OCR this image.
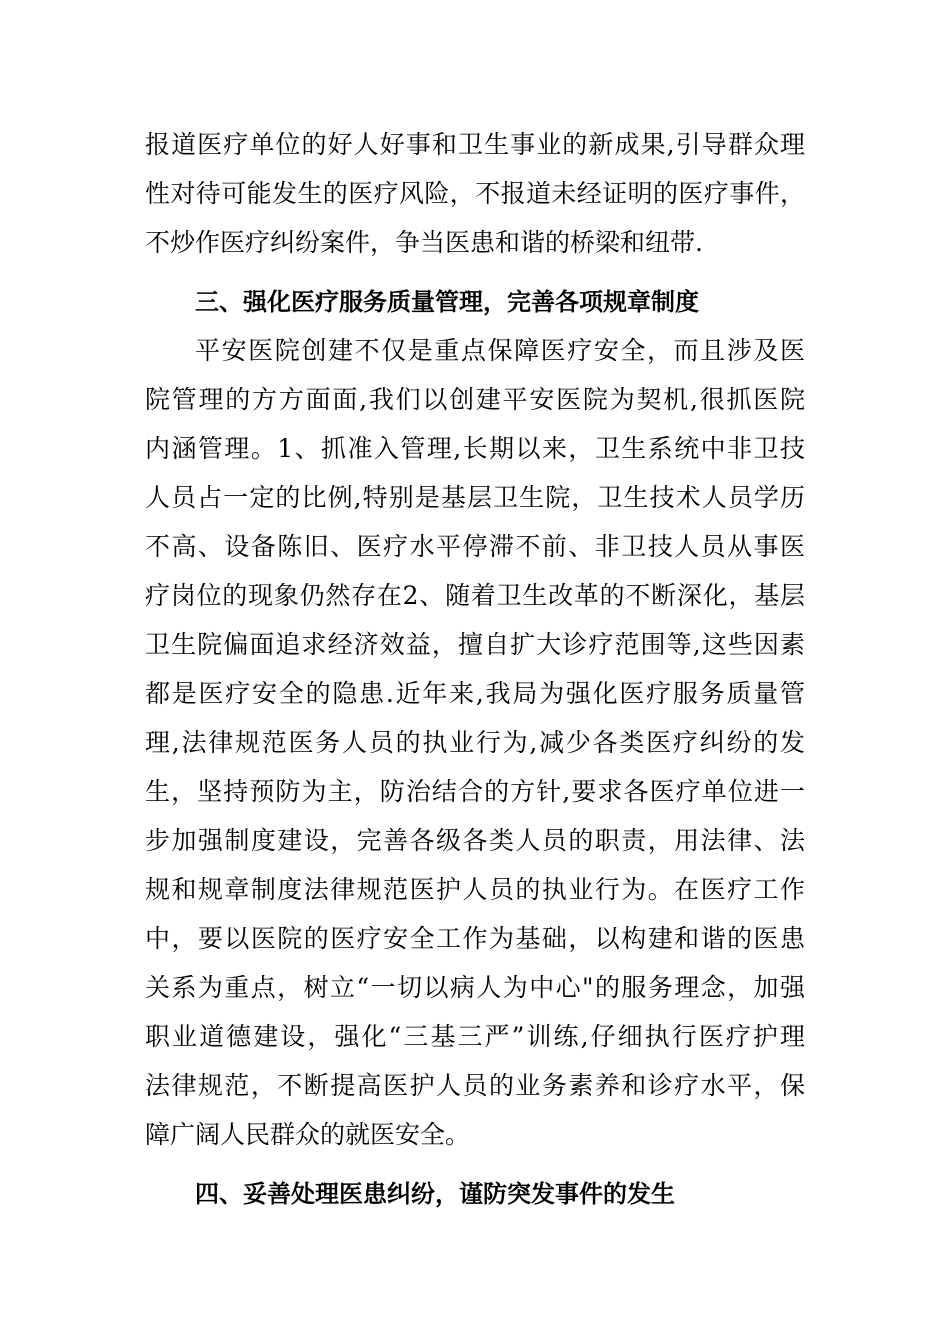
报道医疗单位的好人好事和卫生事业的新成果,引导群众理
性对待可能发生的医疗风险，不报道未经证明的医疗事件，
不炒作医疗纠纷案件，争当医患和谐的桥梁和纽带.
三、强化医疗服务质量管理，完善各项规章制度
平安医院创建不仅是重点保障医疗安全，而且涉及医
院管理的方方面面,我们以创建平安医院为契机,很抓医院
内涵管理。1、抓准入管理,长期以来，卫生系统中非卫技
人员占一定的比例,特别是基层卫生院，卫生技术人员学历
不高、设备陈旧、医疗水平停滞不前、非卫技人员从事医
疗岗位的现象仍然存在2、随着卫生改革的不断深化，基层
卫生院偏面追求经济效益，擅自扩大诊疗范围等,这些因素
都是医疗安全的隐患.近年来,我局为强化医疗服务质量管
理,法律规范医务人员的执业行为,减少各类医疗纠纷的发
生，坚持预防为主，防治结合的方针,要求各医疗单位进一
步加强制度建设，完善各级各类人员的职责，用法律、法
规和规章制度法律规范医护人员的执业行为。在医疗工作
中，要以医院的医疗安全工作为基础，以构建和谐的医患
关系为重点，树立“一切以病人为中心"的服务理念，加强
职业道德建设，强化“三基三严”训练,仔细执行医疗护理
法律规范，不断提高医护人员的业务素养和诊疗水平，保
障广阔人民群众的就医安全。
四、妥善处理医患纠纷，谨防突发事件的发生
